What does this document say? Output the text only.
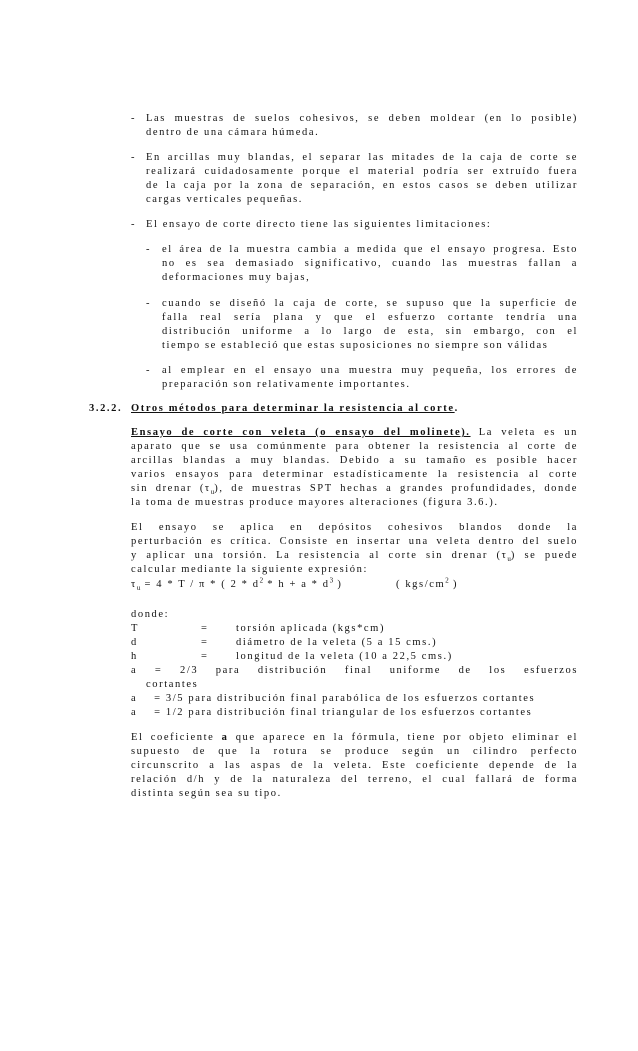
- Las muestras de suelos cohesivos, se deben moldear (en lo posible)
dentro de una cámara húmeda.
- En arcillas muy blandas, el separar las mitades de la caja de corte se
realizará cuidadosamente porque el material podría ser extruído fuera
de la caja por la zona de separación, en estos casos se deben utilizar
cargas verticales pequeñas.
- El ensayo de corte directo tiene las siguientes limitaciones:
- el área de la muestra cambia a medida que el ensayo progresa. Esto
no es sea demasiado significativo, cuando las muestras fallan a
deformaciones muy bajas,
- cuando se diseñó la caja de corte, se supuso que la superficie de
falla real sería plana y que el esfuerzo cortante tendría una
distribución uniforme a lo largo de esta, sin embargo, con el
tiempo se estableció que estas suposiciones no siempre son válidas
- al emplear en el ensayo una muestra muy pequeña, los errores de
preparación son relativamente importantes.
3.2.2. Otros métodos para determinar la resistencia al corte.
Ensayo de corte con veleta (o ensayo del molinete). La veleta es un
aparato que se usa comúnmente para obtener la resistencia al corte de
arcillas blandas a muy blandas. Debido a su tamaño es posible hacer
varios ensayos para determinar estadísticamente la resistencia al corte
sin drenar $(\tau_u)$, de muestras SPT hechas a grandes profundidades, donde
la toma de muestras produce mayores alteraciones (figura 3.6.).
El ensayo se aplica en depósitos cohesivos blandos donde la
perturbación es crítica. Consiste en insertar una veleta dentro del suelo
y aplicar una torsión. La resistencia al corte sin drenar $(\tau_u)$ se puede
calcular mediante la siguiente expresión:
$\tau_u = 4 * T / \pi$ * ( $2 * d^2 * h + a * d^3$ )	( kgs/$cm^2$ )
donde:
T	=	torsión aplicada (kgs*cm)
d	=	diámetro de la veleta (5 a 15 cms.)
h	=	longitud de la veleta (10 a 22,5 cms.)
a = 2/3 para distribución final uniforme de los esfuerzos
cortantes
a    = 3/5 para distribución final parabólica de los esfuerzos cortantes
a    = 1/2 para distribución final triangular de los esfuerzos cortantes
El coeficiente a que aparece en la fórmula, tiene por objeto eliminar el
supuesto de que la rotura se produce según un cilindro perfecto
circunscrito a las aspas de la veleta. Este coeficiente depende de la
relación d/h y de la naturaleza del terreno, el cual fallará de forma
distinta según sea su tipo.
